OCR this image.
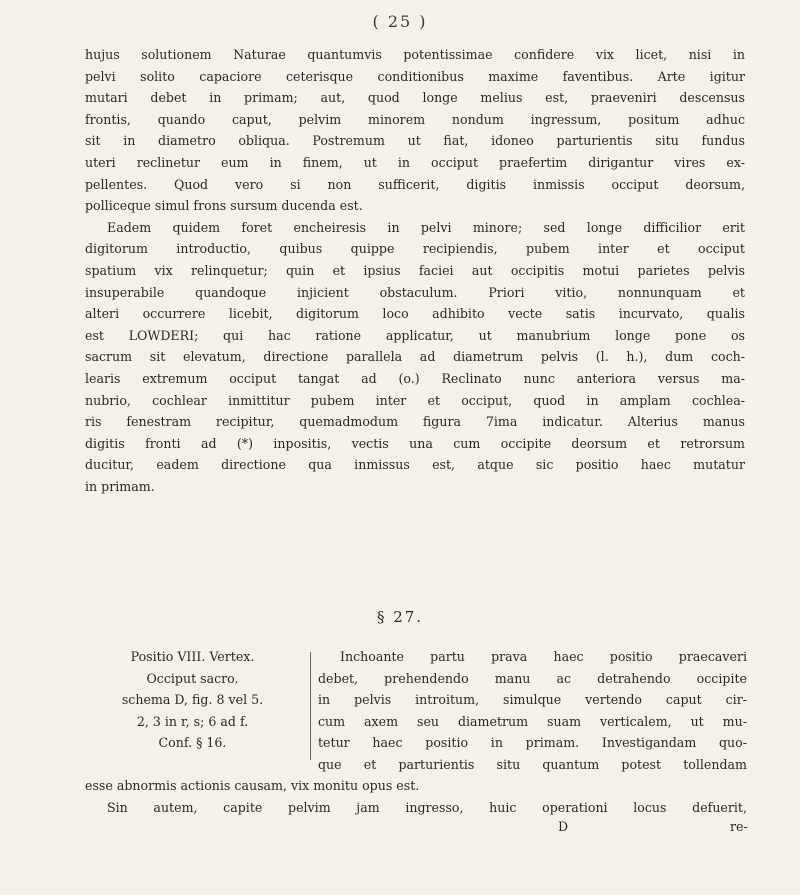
( 25 )
hujus solutionem Naturae quantumvis potentissimae confidere vix licet, nisi in
pelvi solito capaciore ceterisque conditionibus maxime faventibus. Arte igitur
mutari debet in primam; aut, quod longe melius est, praeveniri descensus
frontis, quando caput, pelvim minorem nondum ingressum, positum adhuc
sit in diametro obliqua. Postremum ut fiat, idoneo parturientis situ fundus
uteri reclinetur eum in finem, ut in occiput praefertim dirigantur vires ex-
pellentes. Quod vero si non sufficerit, digitis inmissis occiput deorsum,
polliceque simul frons sursum ducenda est.
Eadem quidem foret encheiresis in pelvi minore; sed longe difficilior erit
digitorum introductio, quibus quippe recipiendis, pubem inter et occiput
spatium vix relinquetur; quin et ipsius faciei aut occipitis motui parietes pelvis
insuperabile quandoque injicient obstaculum. Priori vitio, nonnunquam et
alteri occurrere licebit, digitorum loco adhibito vecte satis incurvato, qualis
est LOWDERI; qui hac ratione applicatur, ut manubrium longe pone os
sacrum sit elevatum, directione parallela ad diametrum pelvis (l. h.), dum coch-
learis extremum occiput tangat ad (o.) Reclinato nunc anteriora versus ma-
nubrio, cochlear inmittitur pubem inter et occiput, quod in amplam cochlea-
ris fenestram recipitur, quemadmodum figura 7ima indicatur. Alterius manus
digitis fronti ad (*) inpositis, vectis una cum occipite deorsum et retrorsum
ducitur, eadem directione qua inmissus est, atque sic positio haec mutatur
in primam.
§ 27.
Positio VIII. Vertex.
Occiput sacro.
schema D, fig. 8 vel 5.
2, 3 in r, s; 6 ad f.
Conf. § 16.
Inchoante partu prava haec positio praecaveri
debet, prehendendo manu ac detrahendo occipite
in pelvis introitum, simulque vertendo caput cir-
cum axem seu diametrum suam verticalem, ut mu-
tetur haec positio in primam. Investigandam quo-
que et parturientis situ quantum potest tollendam
esse abnormis actionis causam, vix monitu opus est.
Sin autem, capite pelvim jam ingresso, huic operationi locus defuerit,
D	re-
